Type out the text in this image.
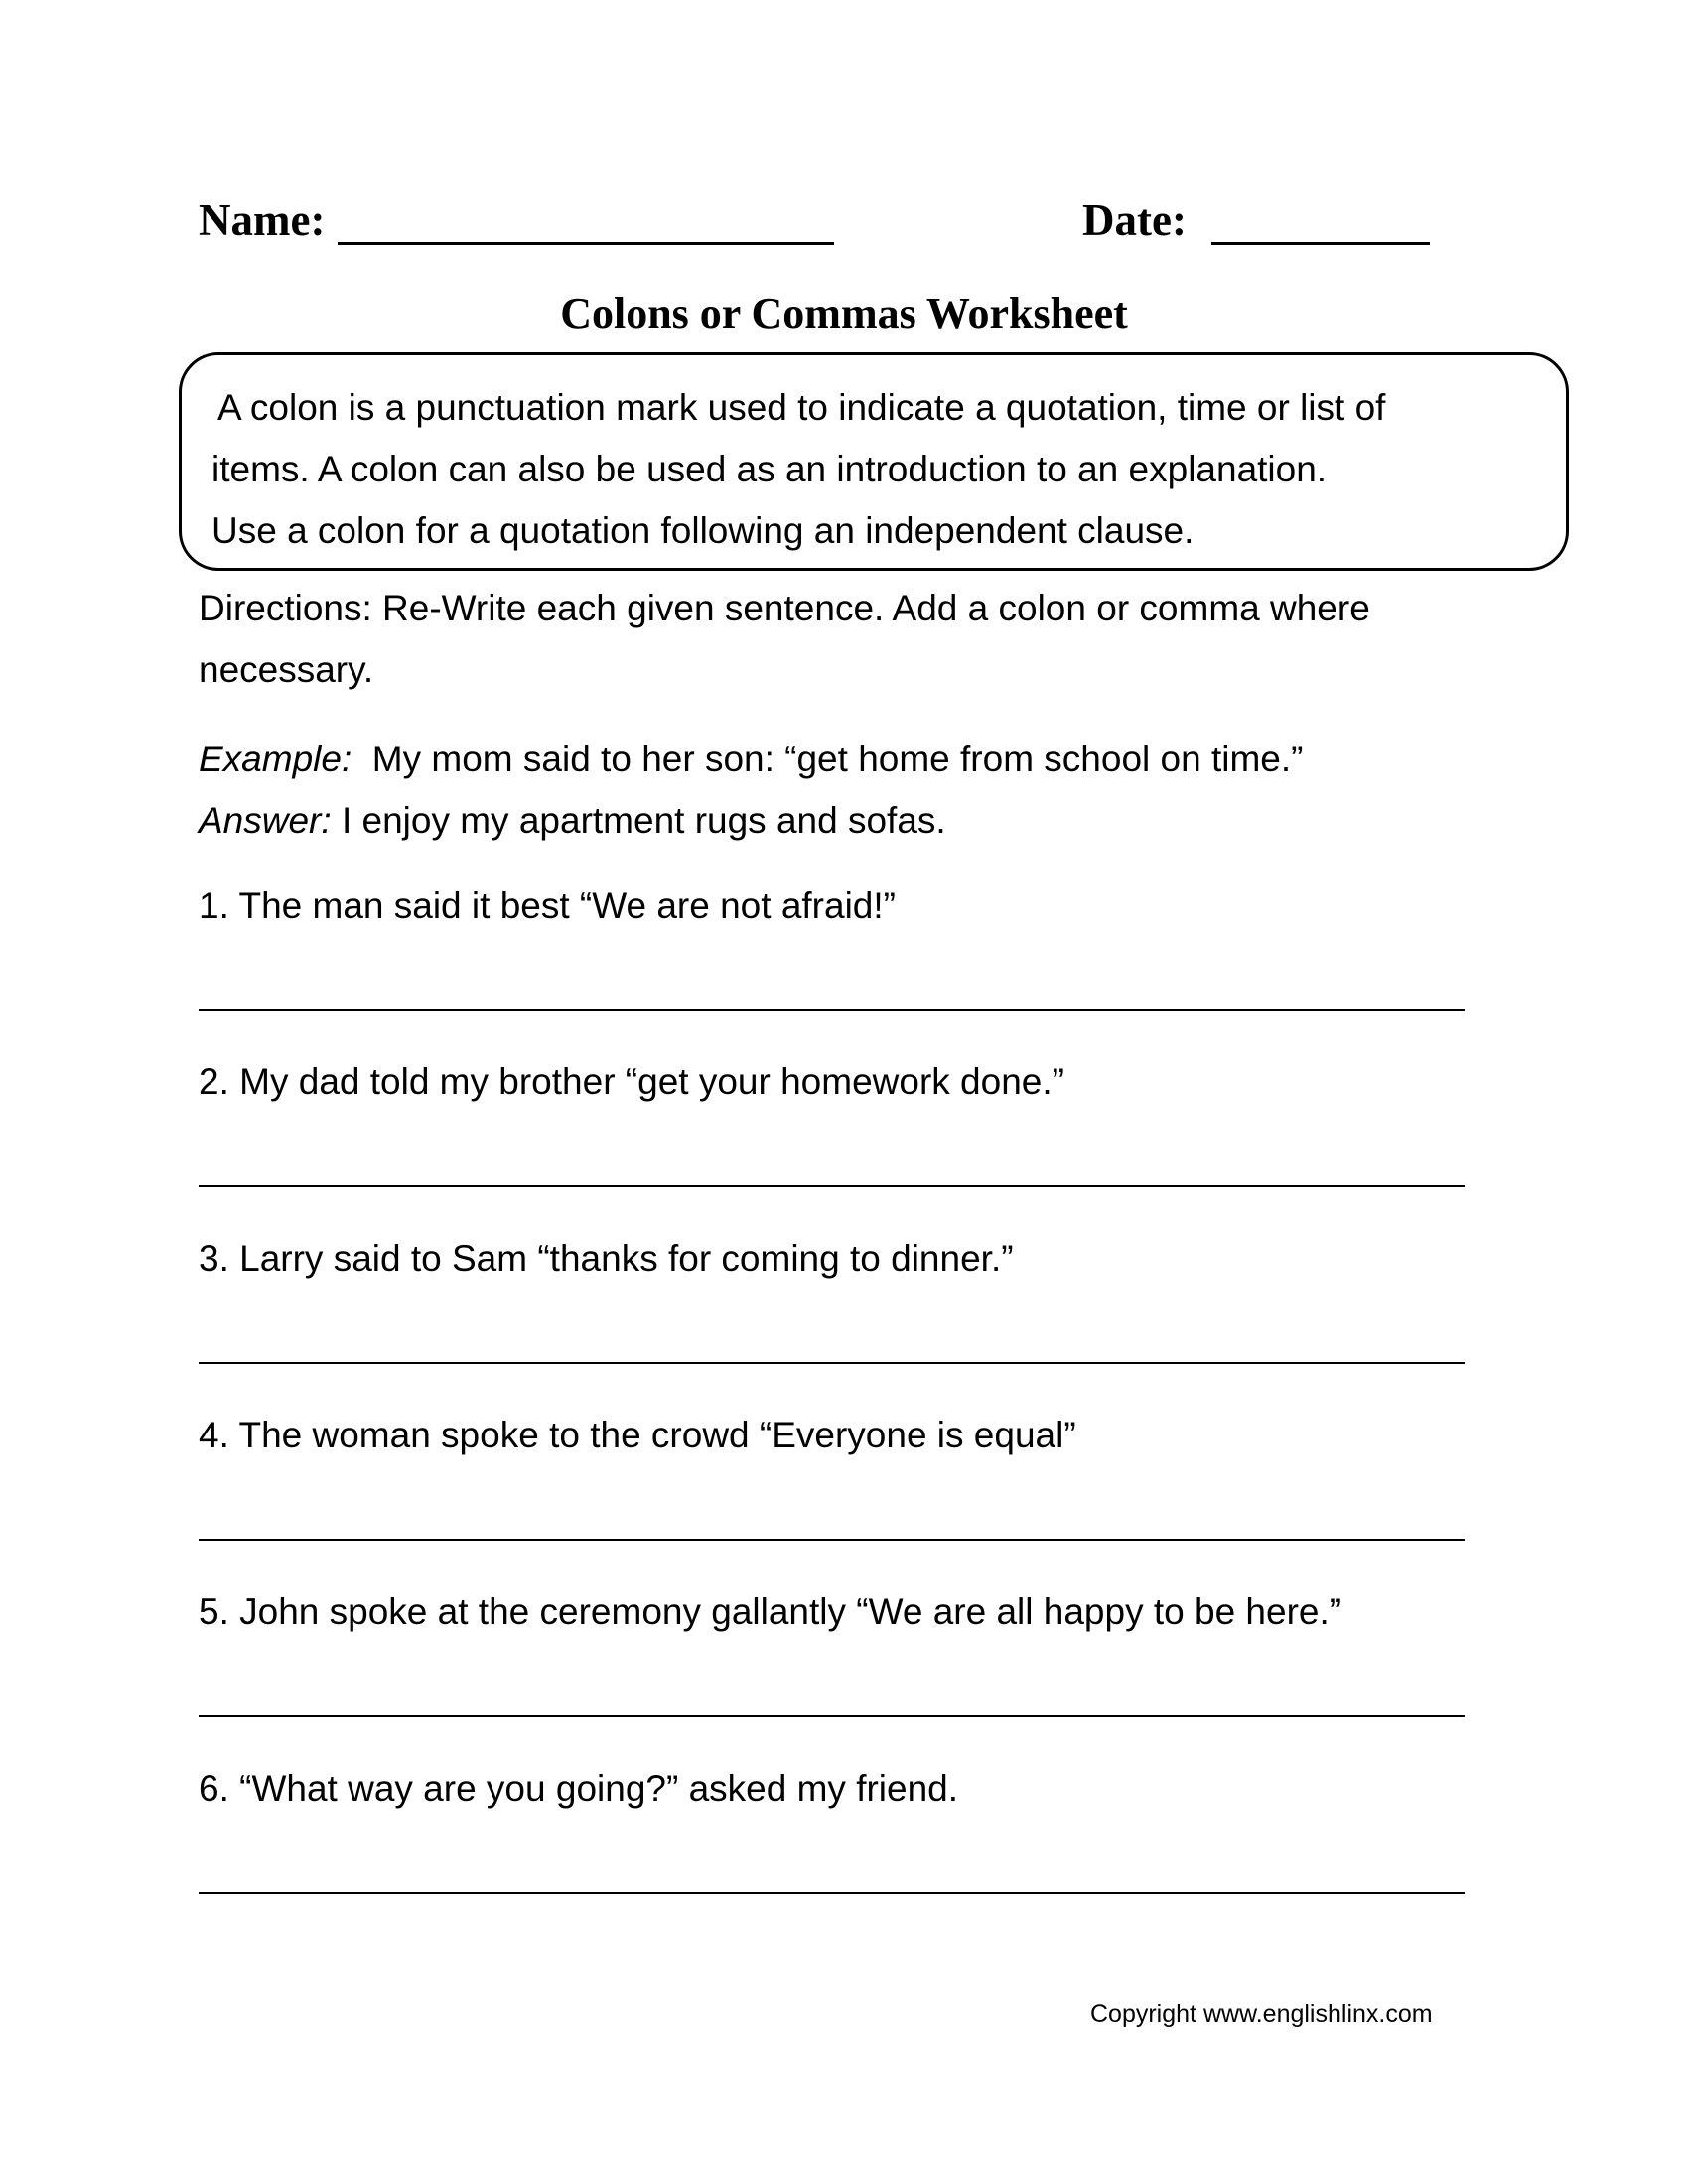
Name:	Date:
Colons or Commas Worksheet
A colon is a punctuation mark used to indicate a quotation, time or list of
items. A colon can also be used as an introduction to an explanation.
Use a colon for a quotation following an independent clause.
Directions: Re-Write each given sentence. Add a colon or comma where necessary.
Example: My mom said to her son: “get home from school on time.”
Answer: I enjoy my apartment rugs and sofas.
1. The man said it best “We are not afraid!”
2. My dad told my brother “get your homework done.”
3. Larry said to Sam “thanks for coming to dinner.”
4. The woman spoke to the crowd “Everyone is equal”
5. John spoke at the ceremony gallantly “We are all happy to be here.”
6. “What way are you going?” asked my friend.
Copyright www.englishlinx.com
